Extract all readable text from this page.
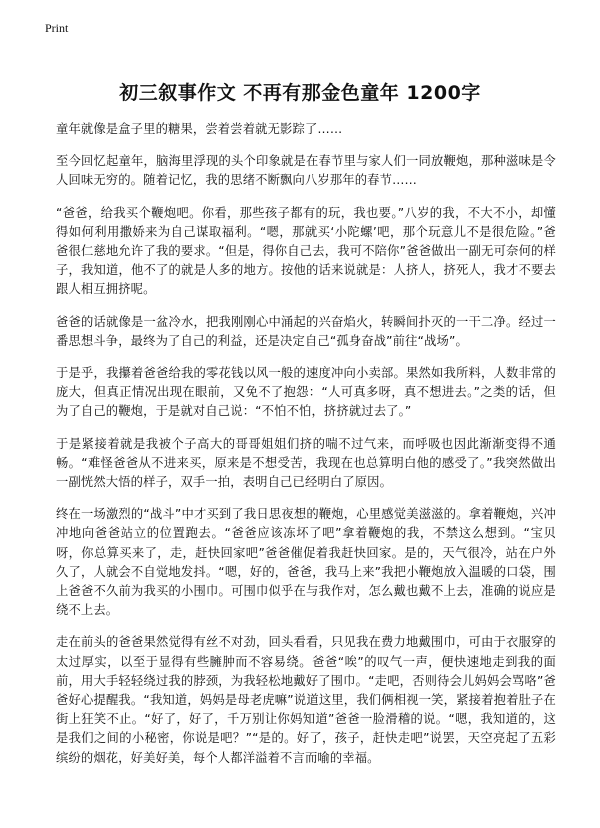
Print
初三叙事作文 不再有那金色童年 1200字

童年就像是盒子里的糖果，尝着尝着就无影踪了……

至今回忆起童年，脑海里浮现的头个印象就是在春节里与家人们一同放鞭炮，那种滋味是令人回味无穷的。随着记忆，我的思绪不断飘向八岁那年的春节……

“爸爸，给我买个鞭炮吧。你看，那些孩子都有的玩，我也要。”八岁的我，不大不小，却懂得如何利用撒娇来为自己谋取福利。“嗯，那就买‘小陀螺’吧，那个玩意儿不是很危险。”爸爸很仁慈地允许了我的要求。“但是，得你自己去，我可不陪你”爸爸做出一副无可奈何的样子，我知道，他不了的就是人多的地方。按他的话来说就是：人挤人，挤死人，我才不要去跟人相互拥挤呢。

爸爸的话就像是一盆冷水，把我刚刚心中涌起的兴奋焰火，转瞬间扑灭的一干二净。经过一番思想斗争，最终为了自己的利益，还是决定自己“孤身奋战”前往“战场”。

于是乎，我攥着爸爸给我的零花钱以风一般的速度冲向小卖部。果然如我所料，人数非常的庞大，但真正情况出现在眼前，又免不了抱怨：“人可真多呀，真不想进去。”之类的话，但为了自己的鞭炮，于是就对自己说：“不怕不怕，挤挤就过去了。”

于是紧接着就是我被个子高大的哥哥姐姐们挤的喘不过气来，而呼吸也因此渐渐变得不通畅。“难怪爸爸从不进来买，原来是不想受苦，我现在也总算明白他的感受了。”我突然做出一副恍然大悟的样子，双手一拍，表明自己已经明白了原因。

终在一场激烈的“战斗”中才买到了我日思夜想的鞭炮，心里感觉美滋滋的。拿着鞭炮，兴冲冲地向爸爸站立的位置跑去。“爸爸应该冻坏了吧”拿着鞭炮的我，不禁这么想到。“宝贝呀，你总算买来了，走，赶快回家吧”爸爸催促着我赶快回家。是的，天气很冷，站在户外久了，人就会不自觉地发抖。“嗯，好的，爸爸，我马上来”我把小鞭炮放入温暖的口袋，围上爸爸不久前为我买的小围巾。可围巾似乎在与我作对，怎么戴也戴不上去，准确的说应是绕不上去。

走在前头的爸爸果然觉得有丝不对劲，回头看看，只见我在费力地戴围巾，可由于衣服穿的太过厚实，以至于显得有些臃肿而不容易绕。爸爸“唉”的叹气一声，便快速地走到我的面前，用大手轻轻绕过我的脖颈，为我轻松地戴好了围巾。“走吧，否则待会儿妈妈会骂咯”爸爸好心提醒我。“我知道，妈妈是母老虎嘛”说道这里，我们俩相视一笑，紧接着抱着肚子在街上狂笑不止。“好了，好了，千万别让你妈知道”爸爸一脸滑稽的说。“嗯，我知道的，这是我们之间的小秘密，你说是吧？”“是的。好了，孩子，赶快走吧”说罢，天空亮起了五彩缤纷的烟花，好美好美，每个人都洋溢着不言而喻的幸福。
